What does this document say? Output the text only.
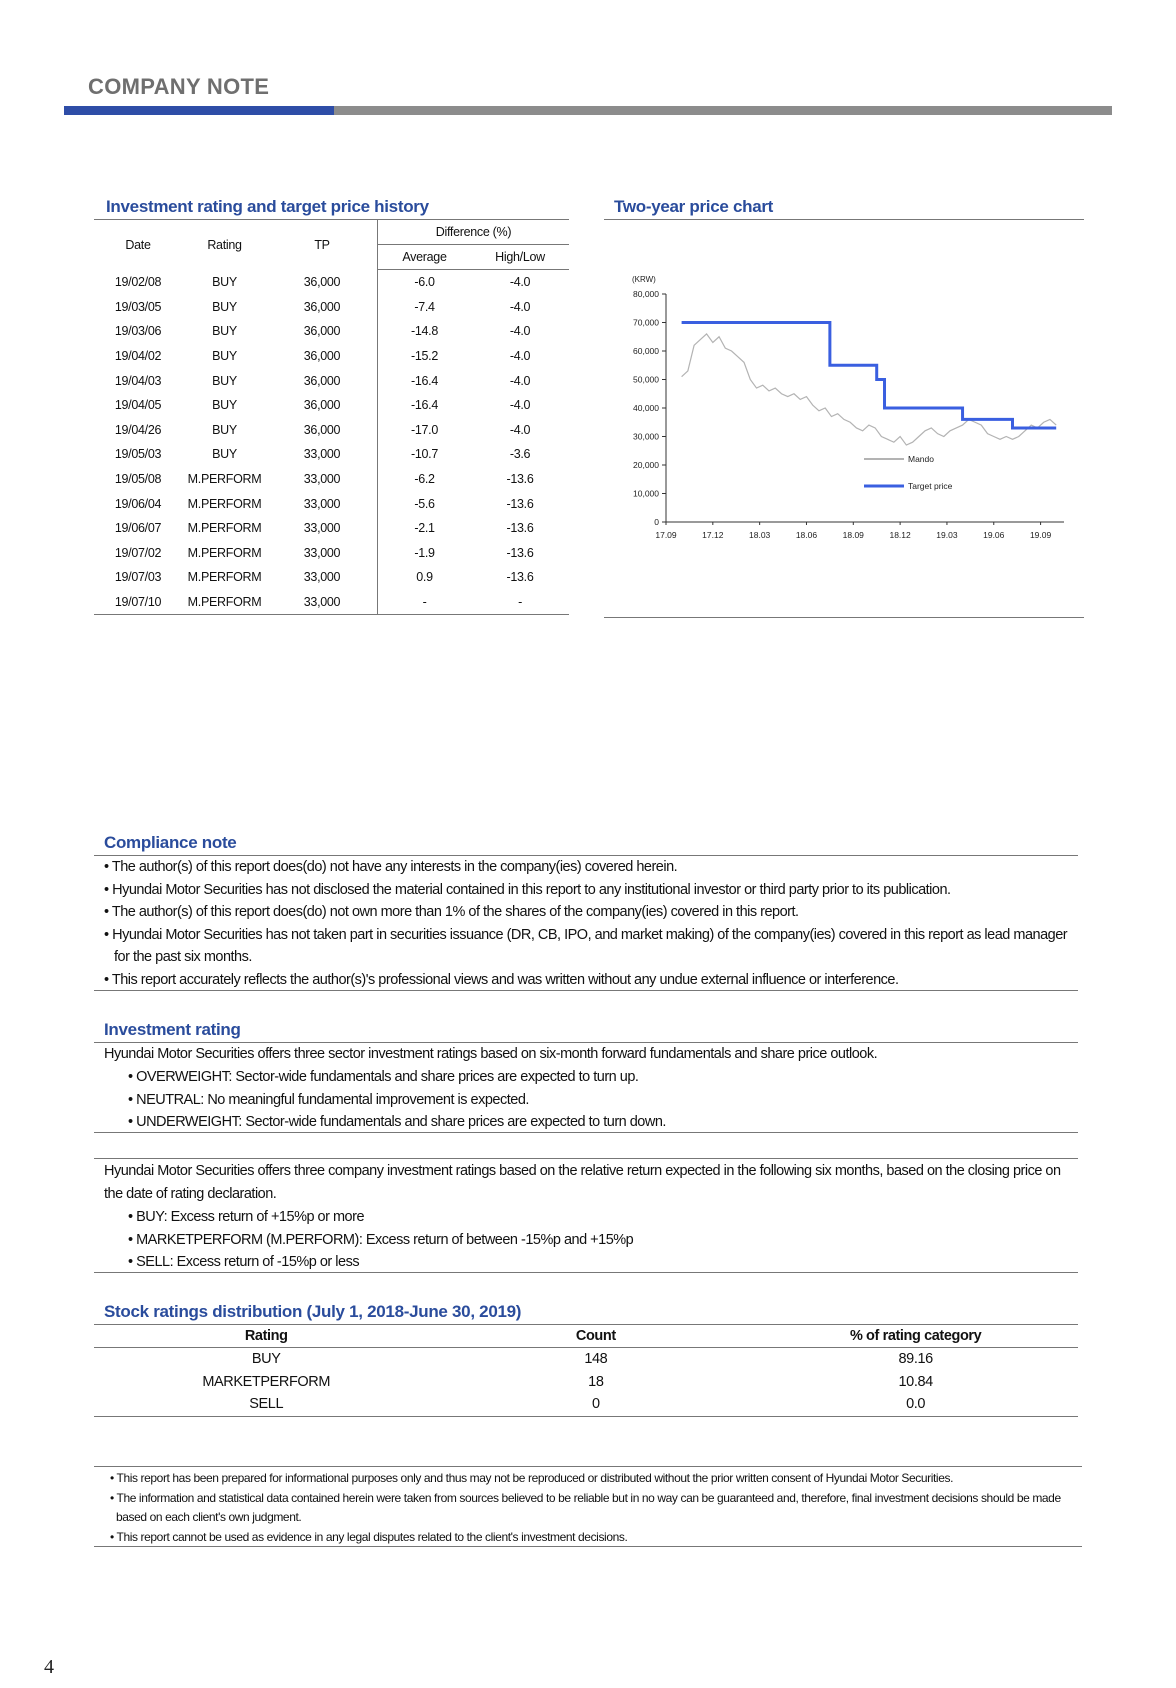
COMPANY NOTE
Investment rating and target price history
Date	Rating	TP	Difference (%)	
			Average	High/Low
19/02/08	BUY	36,000	-6.0	-4.0
19/03/05	BUY	36,000	-7.4	-4.0
19/03/06	BUY	36,000	-14.8	-4.0
19/04/02	BUY	36,000	-15.2	-4.0
19/04/03	BUY	36,000	-16.4	-4.0
19/04/05	BUY	36,000	-16.4	-4.0
19/04/26	BUY	36,000	-17.0	-4.0
19/05/03	BUY	33,000	-10.7	-3.6
19/05/08	M.PERFORM	33,000	-6.2	-13.6
19/06/04	M.PERFORM	33,000	-5.6	-13.6
19/06/07	M.PERFORM	33,000	-2.1	-13.6
19/07/02	M.PERFORM	33,000	-1.9	-13.6
19/07/03	M.PERFORM	33,000	0.9	-13.6
19/07/10	M.PERFORM	33,000	-	-
Two-year price chart
(KRW)
0
10,000
20,000
30,000
40,000
50,000
60,000
70,000
80,000
17.09	17.12	18.03	18.06	18.09	18.12	19.03	19.06	19.09
Mando
Target price
Compliance note
• The author(s) of this report does(do) not have any interests in the company(ies) covered herein.
• Hyundai Motor Securities has not disclosed the material contained in this report to any institutional investor or third party prior to its publication.
• The author(s) of this report does(do) not own more than 1% of the shares of the company(ies) covered in this report.
• Hyundai Motor Securities has not taken part in securities issuance (DR, CB, IPO, and market making) of the company(ies) covered in this report as lead manager for the past six months.
• This report accurately reflects the author(s)'s professional views and was written without any undue external influence or interference.
Investment rating
Hyundai Motor Securities offers three sector investment ratings based on six-month forward fundamentals and share price outlook.
• OVERWEIGHT: Sector-wide fundamentals and share prices are expected to turn up.
• NEUTRAL: No meaningful fundamental improvement is expected.
• UNDERWEIGHT: Sector-wide fundamentals and share prices are expected to turn down.
Hyundai Motor Securities offers three company investment ratings based on the relative return expected in the following six months, based on the closing price on the date of rating declaration.
• BUY: Excess return of +15%p or more
• MARKETPERFORM (M.PERFORM): Excess return of between -15%p and +15%p
• SELL: Excess return of -15%p or less
Stock ratings distribution (July 1, 2018-June 30, 2019)
Rating	Count	% of rating category
BUY	148	89.16
MARKETPERFORM	18	10.84
SELL	0	0.0
• This report has been prepared for informational purposes only and thus may not be reproduced or distributed without the prior written consent of Hyundai Motor Securities.
• The information and statistical data contained herein were taken from sources believed to be reliable but in no way can be guaranteed and, therefore, final investment decisions should be made based on each client's own judgment.
• This report cannot be used as evidence in any legal disputes related to the client's investment decisions.
4
